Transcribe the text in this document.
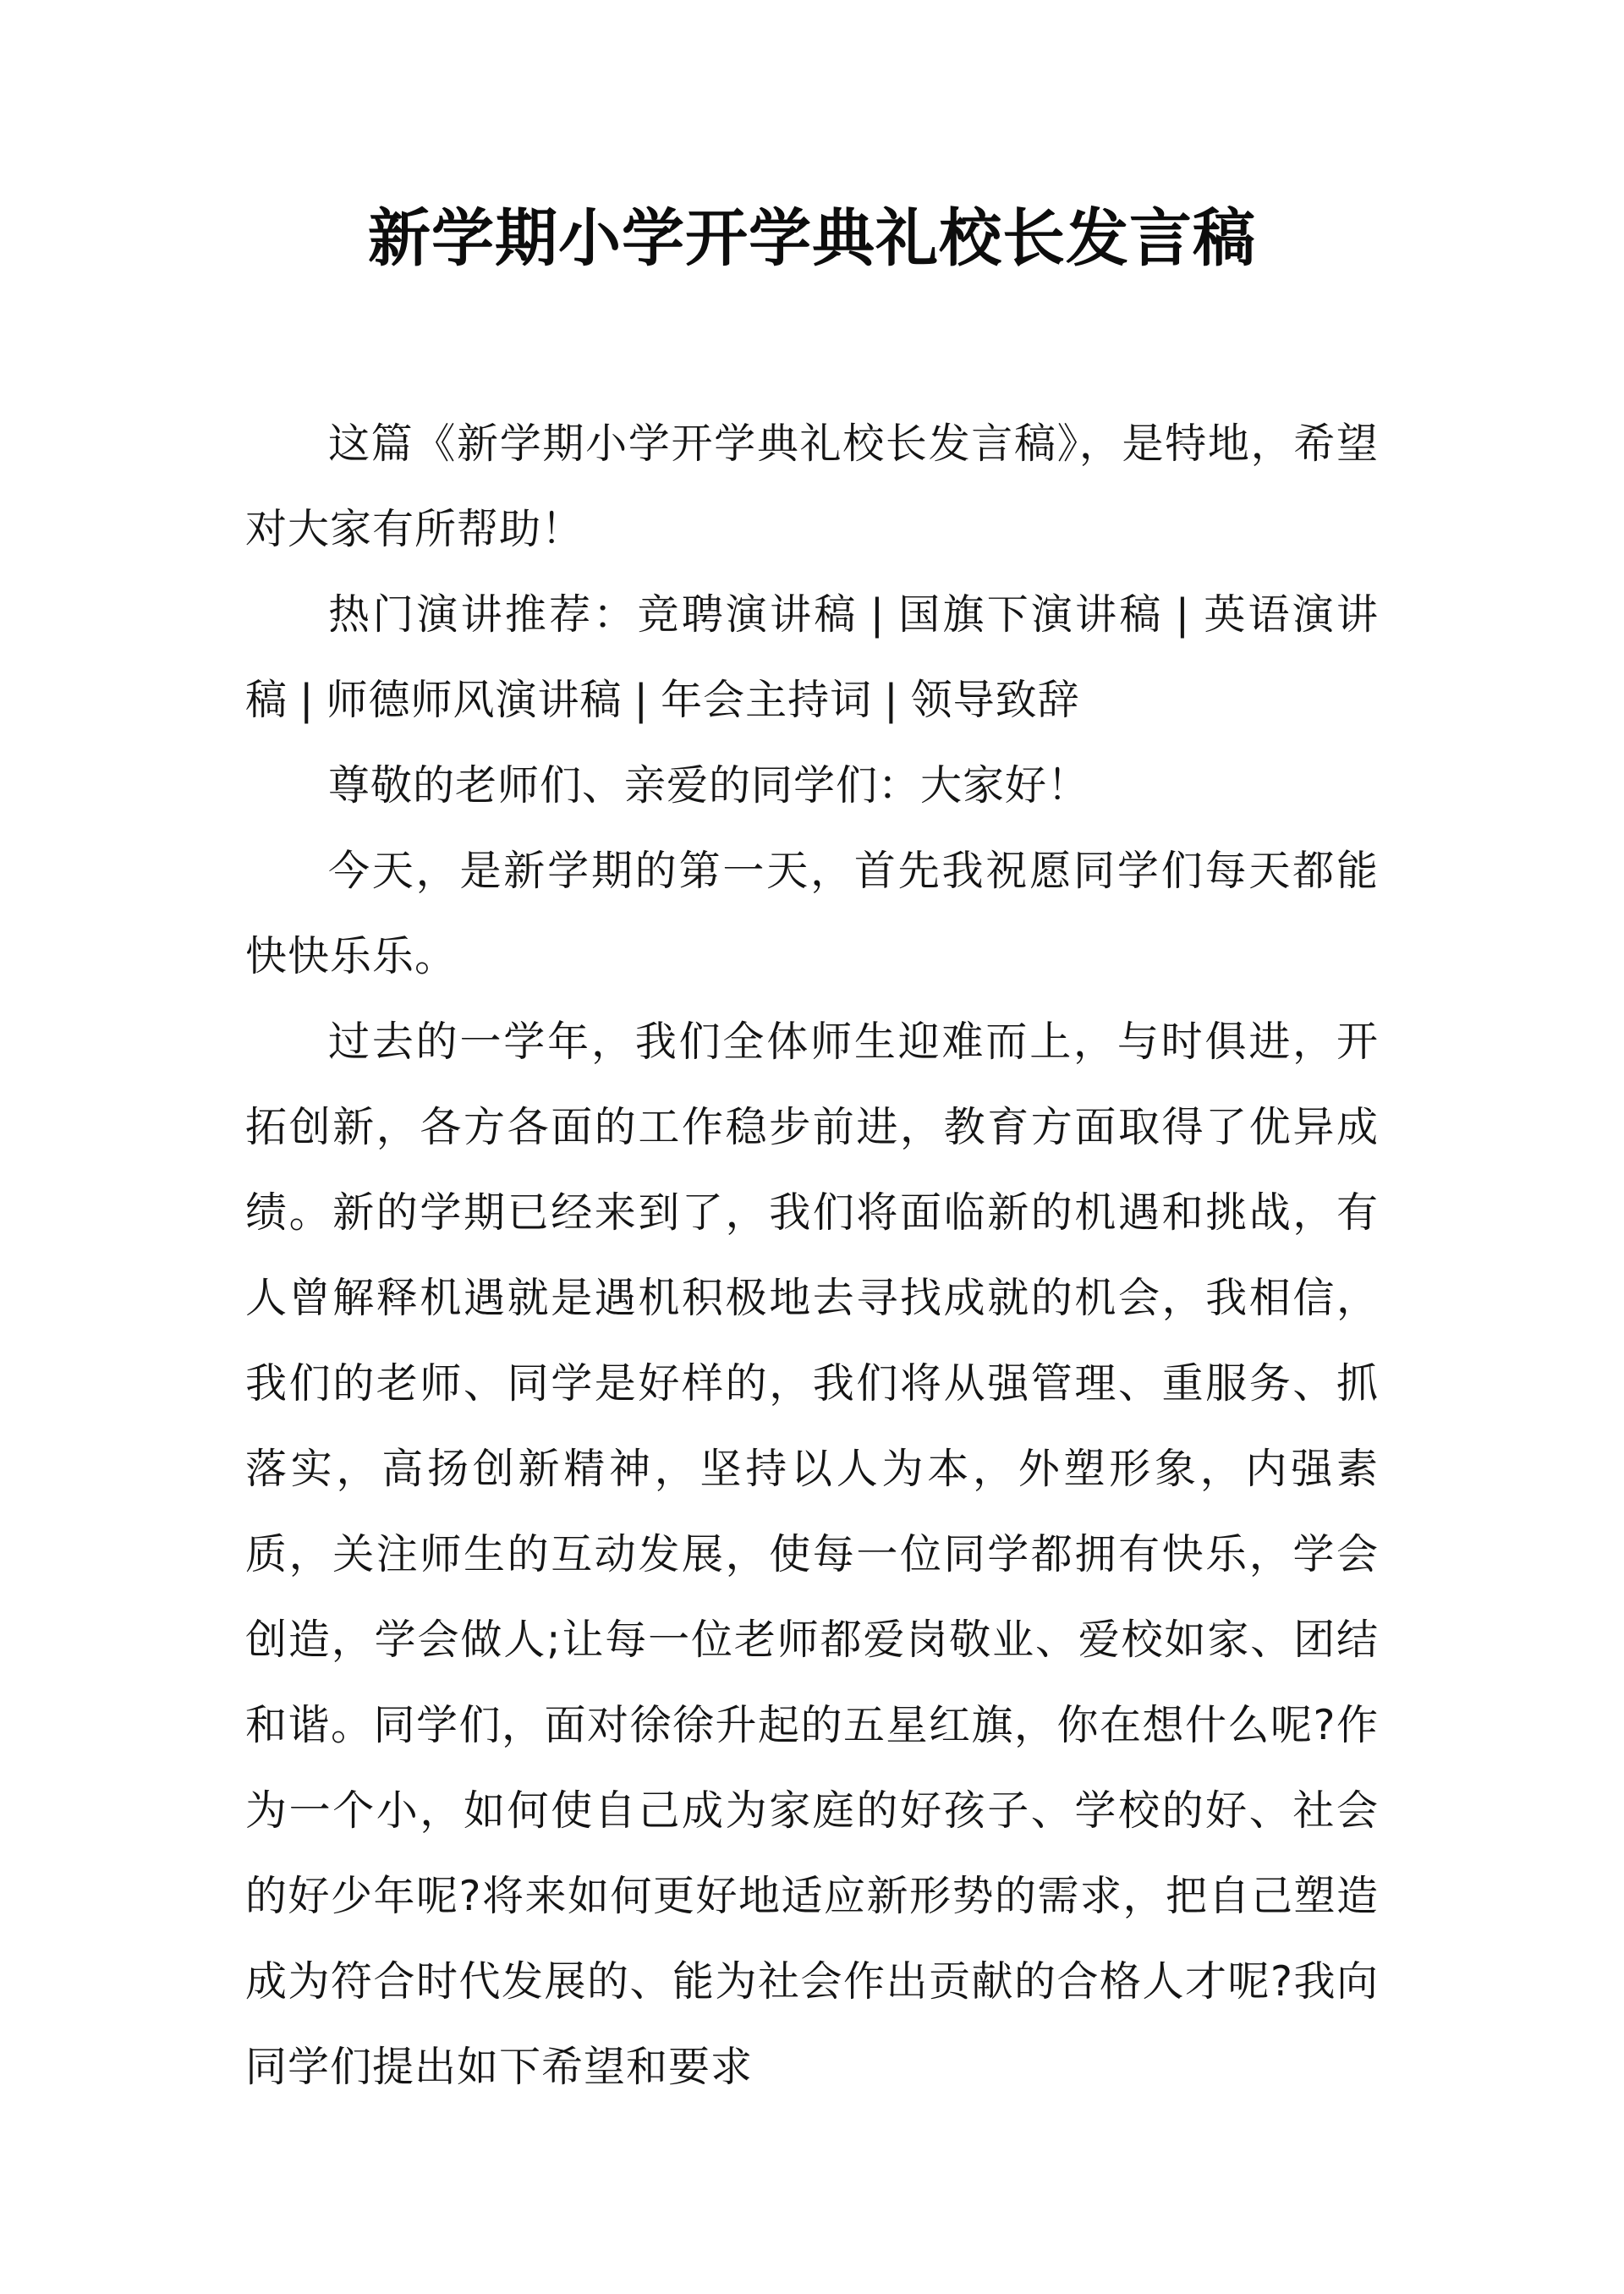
新学期小学开学典礼校长发言稿

这篇《新学期小学开学典礼校长发言稿》，是特地，希望对大家有所帮助！

热门演讲推荐：竞聘演讲稿 | 国旗下演讲稿 | 英语演讲稿 | 师德师风演讲稿 | 年会主持词 | 领导致辞

尊敬的老师们、亲爱的同学们：大家好！

今天，是新学期的第一天，首先我祝愿同学们每天都能快快乐乐。

过去的一学年，我们全体师生迎难而上，与时俱进，开拓创新，各方各面的工作稳步前进，教育方面取得了优异成绩。新的学期已经来到了，我们将面临新的机遇和挑战，有人曾解释机遇就是遇机积极地去寻找成就的机会，我相信，我们的老师、同学是好样的，我们将从强管理、重服务、抓落实，高扬创新精神，坚持以人为本，外塑形象，内强素质，关注师生的互动发展，使每一位同学都拥有快乐，学会创造，学会做人;让每一位老师都爱岗敬业、爱校如家、团结和谐。同学们，面对徐徐升起的五星红旗，你在想什么呢?作为一个小，如何使自己成为家庭的好孩子、学校的好、社会的好少年呢?将来如何更好地适应新形势的需求，把自己塑造成为符合时代发展的、能为社会作出贡献的合格人才呢?我向同学们提出如下希望和要求
